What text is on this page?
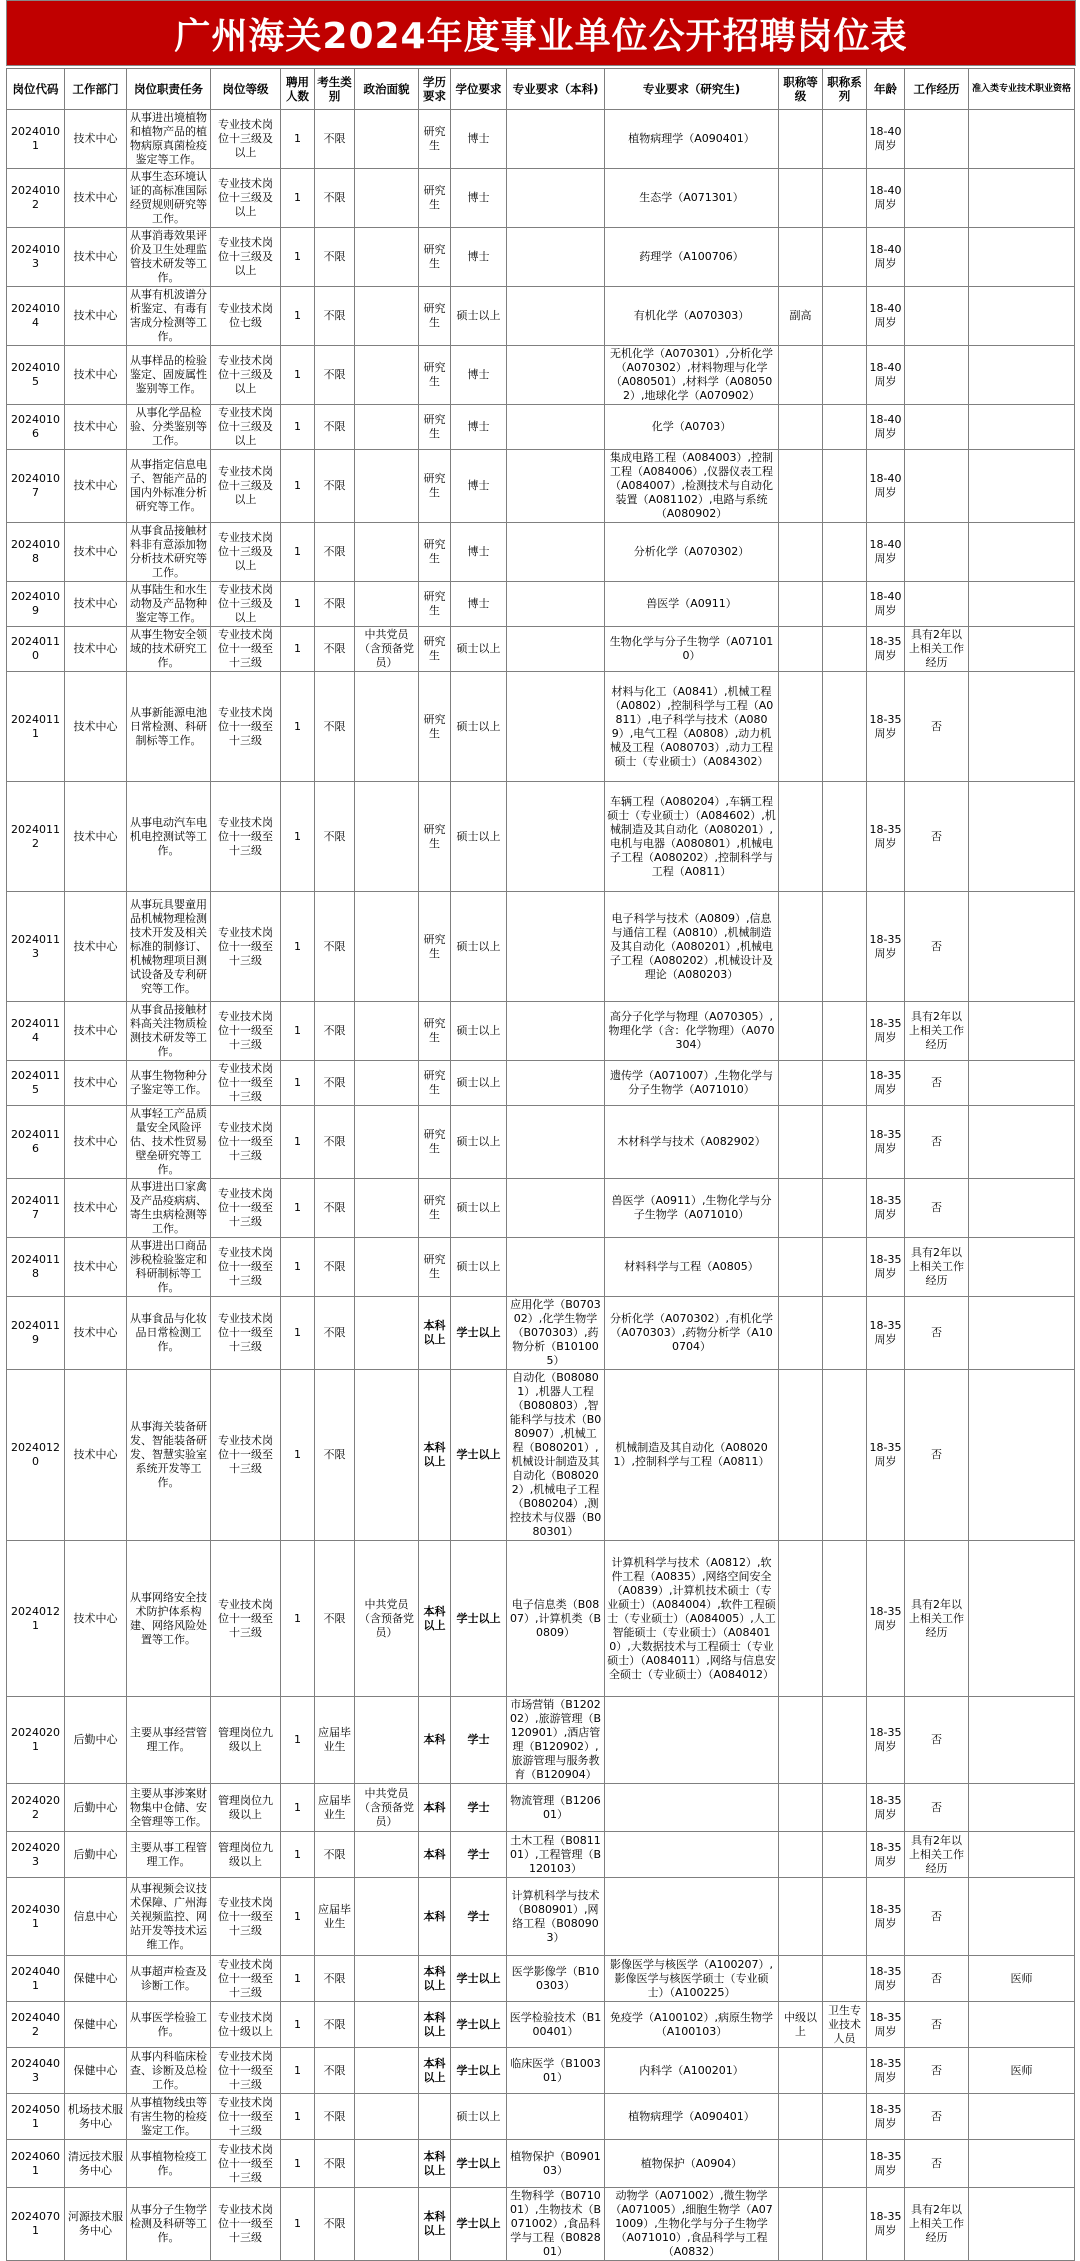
广州海关2024年度事业单位公开招聘岗位表
岗位代码	工作部门	岗位职责任务	岗位等级	聘用人数	考生类别	政治面貌	学历要求	学位要求	专业要求（本科)	专业要求（研究生)	职称等级	职称系列	年龄	工作经历	准入类专业技术职业资格
20240101	技术中心	从事进出境植物和植物产品的植物病原真菌检疫鉴定等工作。	专业技术岗位十三级及以上	1	不限		研究生	博士		植物病理学（A090401）			18-40周岁		
20240102	技术中心	从事生态环境认证的高标准国际经贸规则研究等工作。	专业技术岗位十三级及以上	1	不限		研究生	博士		生态学（A071301）			18-40周岁		
20240103	技术中心	从事消毒效果评价及卫生处理监管技术研发等工作。	专业技术岗位十三级及以上	1	不限		研究生	博士		药理学（A100706）			18-40周岁		
20240104	技术中心	从事有机波谱分析鉴定、有毒有害成分检测等工作。	专业技术岗位七级	1	不限		研究生	硕士以上		有机化学（A070303）	副高		18-40周岁		
20240105	技术中心	从事样品的检验鉴定、固废属性鉴别等工作。	专业技术岗位十三级及以上	1	不限		研究生	博士		无机化学（A070301）,分析化学（A070302）,材料物理与化学（A080501）,材料学（A080502）,地球化学（A070902）			18-40周岁		
20240106	技术中心	从事化学品检验、分类鉴别等工作。	专业技术岗位十三级及以上	1	不限		研究生	博士		化学（A0703）			18-40周岁		
20240107	技术中心	从事指定信息电子、智能产品的国内外标准分析研究等工作。	专业技术岗位十三级及以上	1	不限		研究生	博士		集成电路工程（A084003）,控制工程（A084006）,仪器仪表工程（A084007）,检测技术与自动化装置（A081102）,电路与系统（A080902）			18-40周岁		
20240108	技术中心	从事食品接触材料非有意添加物分析技术研究等工作。	专业技术岗位十三级及以上	1	不限		研究生	博士		分析化学（A070302）			18-40周岁		
20240109	技术中心	从事陆生和水生动物及产品物种鉴定等工作。	专业技术岗位十三级及以上	1	不限		研究生	博士		兽医学（A0911）			18-40周岁		
20240110	技术中心	从事生物安全领域的技术研究工作。	专业技术岗位十一级至十三级	1	不限	中共党员（含预备党员）	研究生	硕士以上		生物化学与分子生物学（A071010）			18-35周岁	具有2年以上相关工作经历	
20240111	技术中心	从事新能源电池日常检测、科研制标等工作。	专业技术岗位十一级至十三级	1	不限		研究生	硕士以上		材料与化工（A0841）,机械工程（A0802）,控制科学与工程（A0811）,电子科学与技术（A0809）,电气工程（A0808）,动力机械及工程（A080703）,动力工程硕士（专业硕士）（A084302）			18-35周岁	否	
20240112	技术中心	从事电动汽车电机电控测试等工作。	专业技术岗位十一级至十三级	1	不限		研究生	硕士以上		车辆工程（A080204）,车辆工程硕士（专业硕士）（A084602）,机械制造及其自动化（A080201）,电机与电器（A080801）,机械电子工程（A080202）,控制科学与工程（A0811）			18-35周岁	否	
20240113	技术中心	从事玩具婴童用品机械物理检测技术开发及相关标准的制修订、机械物理项目测试设备及专利研究等工作。	专业技术岗位十一级至十三级	1	不限		研究生	硕士以上		电子科学与技术（A0809）,信息与通信工程（A0810）,机械制造及其自动化（A080201）,机械电子工程（A080202）,机械设计及理论（A080203）			18-35周岁	否	
20240114	技术中心	从事食品接触材料高关注物质检测技术研发等工作。	专业技术岗位十一级至十三级	1	不限		研究生	硕士以上		高分子化学与物理（A070305）,物理化学（含：化学物理）（A070304）			18-35周岁	具有2年以上相关工作经历	
20240115	技术中心	从事生物物种分子鉴定等工作。	专业技术岗位十一级至十三级	1	不限		研究生	硕士以上		遗传学（A071007）,生物化学与分子生物学（A071010）			18-35周岁	否	
20240116	技术中心	从事轻工产品质量安全风险评估、技术性贸易壁垒研究等工作。	专业技术岗位十一级至十三级	1	不限		研究生	硕士以上		木材科学与技术（A082902）			18-35周岁	否	
20240117	技术中心	从事进出口家禽及产品疫病病、寄生虫病检测等工作。	专业技术岗位十一级至十三级	1	不限		研究生	硕士以上		兽医学（A0911）,生物化学与分子生物学（A071010）			18-35周岁	否	
20240118	技术中心	从事进出口商品涉税检验鉴定和科研制标等工作。	专业技术岗位十一级至十三级	1	不限		研究生	硕士以上		材料科学与工程（A0805）			18-35周岁	具有2年以上相关工作经历	
20240119	技术中心	从事食品与化妆品日常检测工作。	专业技术岗位十一级至十三级	1	不限		本科以上	学士以上	应用化学（B070302）,化学生物学（B070303）,药物分析（B101005）	分析化学（A070302）,有机化学（A070303）,药物分析学（A100704）			18-35周岁	否	
20240120	技术中心	从事海关装备研发、智能装备研发、智慧实验室系统开发等工作。	专业技术岗位十一级至十三级	1	不限		本科以上	学士以上	自动化（B080801）,机器人工程（B080803）,智能科学与技术（B080907）,机械工程（B080201）,机械设计制造及其自动化（B080202）,机械电子工程（B080204）,测控技术与仪器（B080301）	机械制造及其自动化（A080201）,控制科学与工程（A0811）			18-35周岁	否	
20240121	技术中心	从事网络安全技术防护体系构建、网络风险处置等工作。	专业技术岗位十一级至十三级	1	不限	中共党员（含预备党员）	本科以上	学士以上	电子信息类（B0807）,计算机类（B0809）	计算机科学与技术（A0812）,软件工程（A0835）,网络空间安全（A0839）,计算机技术硕士（专业硕士）（A084004）,软件工程硕士（专业硕士）（A084005）,人工智能硕士（专业硕士）（A084010）,大数据技术与工程硕士（专业硕士）（A084011）,网络与信息安全硕士（专业硕士）（A084012）			18-35周岁	具有2年以上相关工作经历	
20240201	后勤中心	主要从事经营管理工作。	管理岗位九级以上	1	应届毕业生		本科	学士	市场营销（B120202）,旅游管理（B120901）,酒店管理（B120902）,旅游管理与服务教育（B120904）				18-35周岁	否	
20240202	后勤中心	主要从事涉案财物集中仓储、安全管理等工作。	管理岗位九级以上	1	应届毕业生	中共党员（含预备党员）	本科	学士	物流管理（B120601）				18-35周岁	否	
20240203	后勤中心	主要从事工程管理工作。	管理岗位九级以上	1	不限		本科	学士	土木工程（B081101）,工程管理（B120103）				18-35周岁	具有2年以上相关工作经历	
20240301	信息中心	从事视频会议技术保障、广州海关视频监控、网站开发等技术运维工作。	专业技术岗位十一级至十三级	1	应届毕业生		本科	学士	计算机科学与技术（B080901）,网络工程（B080903）				18-35周岁	否	
20240401	保健中心	从事超声检查及诊断工作。	专业技术岗位十一级至十三级	1	不限		本科以上	学士以上	医学影像学（B100303）	影像医学与核医学（A100207）,影像医学与核医学硕士（专业硕士）（A100225）			18-35周岁	否	医师
20240402	保健中心	从事医学检验工作。	专业技术岗位十级以上	1	不限		本科以上	学士以上	医学检验技术（B100401）	免疫学（A100102）,病原生物学（A100103）	中级以上	卫生专业技术人员	18-35周岁	否	
20240403	保健中心	从事内科临床检查、诊断及总检工作。	专业技术岗位十一级至十三级	1	不限		本科以上	学士以上	临床医学（B100301）	内科学（A100201）			18-35周岁	否	医师
20240501	机场技术服务中心	从事植物线虫等有害生物的检疫鉴定工作。	专业技术岗位十一级至十三级	1	不限			硕士以上		植物病理学（A090401）			18-35周岁	否	
20240601	清远技术服务中心	从事植物检疫工作。	专业技术岗位十一级至十三级	1	不限		本科以上	学士以上	植物保护（B090103）	植物保护（A0904）			18-35周岁	否	
20240701	河源技术服务中心	从事分子生物学检测及科研等工作。	专业技术岗位十一级至十三级	1	不限		本科以上	学士以上	生物科学（B071001）,生物技术（B071002）,食品科学与工程（B082801）	动物学（A071002）,微生物学（A071005）,细胞生物学（A071009）,生物化学与分子生物学（A071010）,食品科学与工程（A0832）			18-35周岁	具有2年以上相关工作经历	
